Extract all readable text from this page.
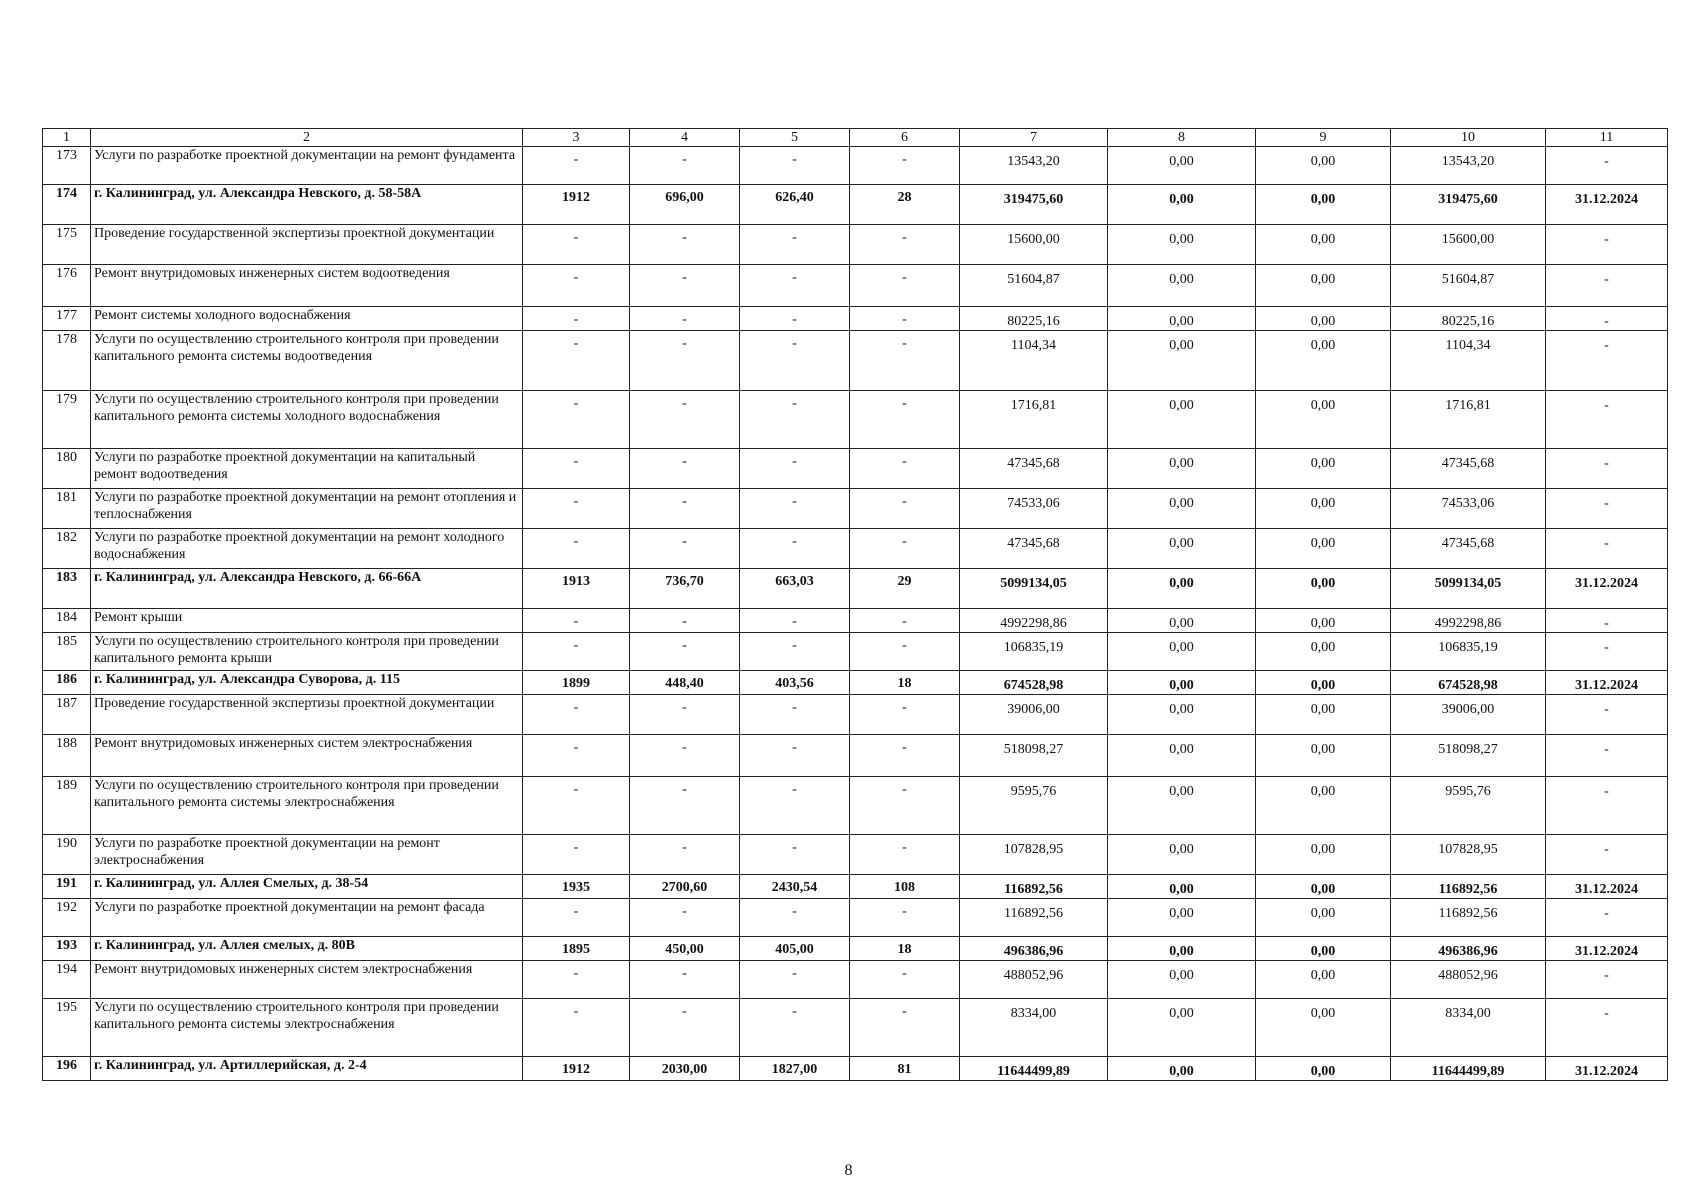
1	2	3	4	5	6	7	8	9	10	11
173	Услуги по разработке проектной документации на ремонт фундамента	-	-	-	-	13543,20	0,00	0,00	13543,20	-
174	г. Калининград, ул. Александра Невского, д. 58-58А	1912	696,00	626,40	28	319475,60	0,00	0,00	319475,60	31.12.2024
175	Проведение государственной экспертизы проектной документации	-	-	-	-	15600,00	0,00	0,00	15600,00	-
176	Ремонт внутридомовых инженерных систем водоотведения	-	-	-	-	51604,87	0,00	0,00	51604,87	-
177	Ремонт системы холодного водоснабжения	-	-	-	-	80225,16	0,00	0,00	80225,16	-
178	Услуги по осуществлению строительного контроля при проведении капитального ремонта системы водоотведения	-	-	-	-	1104,34	0,00	0,00	1104,34	-
179	Услуги по осуществлению строительного контроля при проведении капитального ремонта системы холодного водоснабжения	-	-	-	-	1716,81	0,00	0,00	1716,81	-
180	Услуги по разработке проектной документации на капитальный ремонт водоотведения	-	-	-	-	47345,68	0,00	0,00	47345,68	-
181	Услуги по разработке проектной документации на ремонт отопления и теплоснабжения	-	-	-	-	74533,06	0,00	0,00	74533,06	-
182	Услуги по разработке проектной документации на ремонт холодного водоснабжения	-	-	-	-	47345,68	0,00	0,00	47345,68	-
183	г. Калининград, ул. Александра Невского, д. 66-66А	1913	736,70	663,03	29	5099134,05	0,00	0,00	5099134,05	31.12.2024
184	Ремонт крыши	-	-	-	-	4992298,86	0,00	0,00	4992298,86	-
185	Услуги по осуществлению строительного контроля при проведении капитального ремонта крыши	-	-	-	-	106835,19	0,00	0,00	106835,19	-
186	г. Калининград, ул. Александра Суворова, д. 115	1899	448,40	403,56	18	674528,98	0,00	0,00	674528,98	31.12.2024
187	Проведение государственной экспертизы проектной документации	-	-	-	-	39006,00	0,00	0,00	39006,00	-
188	Ремонт внутридомовых инженерных систем электроснабжения	-	-	-	-	518098,27	0,00	0,00	518098,27	-
189	Услуги по осуществлению строительного контроля при проведении капитального ремонта системы электроснабжения	-	-	-	-	9595,76	0,00	0,00	9595,76	-
190	Услуги по разработке проектной документации на ремонт электроснабжения	-	-	-	-	107828,95	0,00	0,00	107828,95	-
191	г. Калининград, ул. Аллея Смелых, д. 38-54	1935	2700,60	2430,54	108	116892,56	0,00	0,00	116892,56	31.12.2024
192	Услуги по разработке проектной документации на ремонт фасада	-	-	-	-	116892,56	0,00	0,00	116892,56	-
193	г. Калининград, ул. Аллея смелых, д. 80В	1895	450,00	405,00	18	496386,96	0,00	0,00	496386,96	31.12.2024
194	Ремонт внутридомовых инженерных систем электроснабжения	-	-	-	-	488052,96	0,00	0,00	488052,96	-
195	Услуги по осуществлению строительного контроля при проведении капитального ремонта системы электроснабжения	-	-	-	-	8334,00	0,00	0,00	8334,00	-
196	г. Калининград, ул. Артиллерийская, д. 2-4	1912	2030,00	1827,00	81	11644499,89	0,00	0,00	11644499,89	31.12.2024
8
